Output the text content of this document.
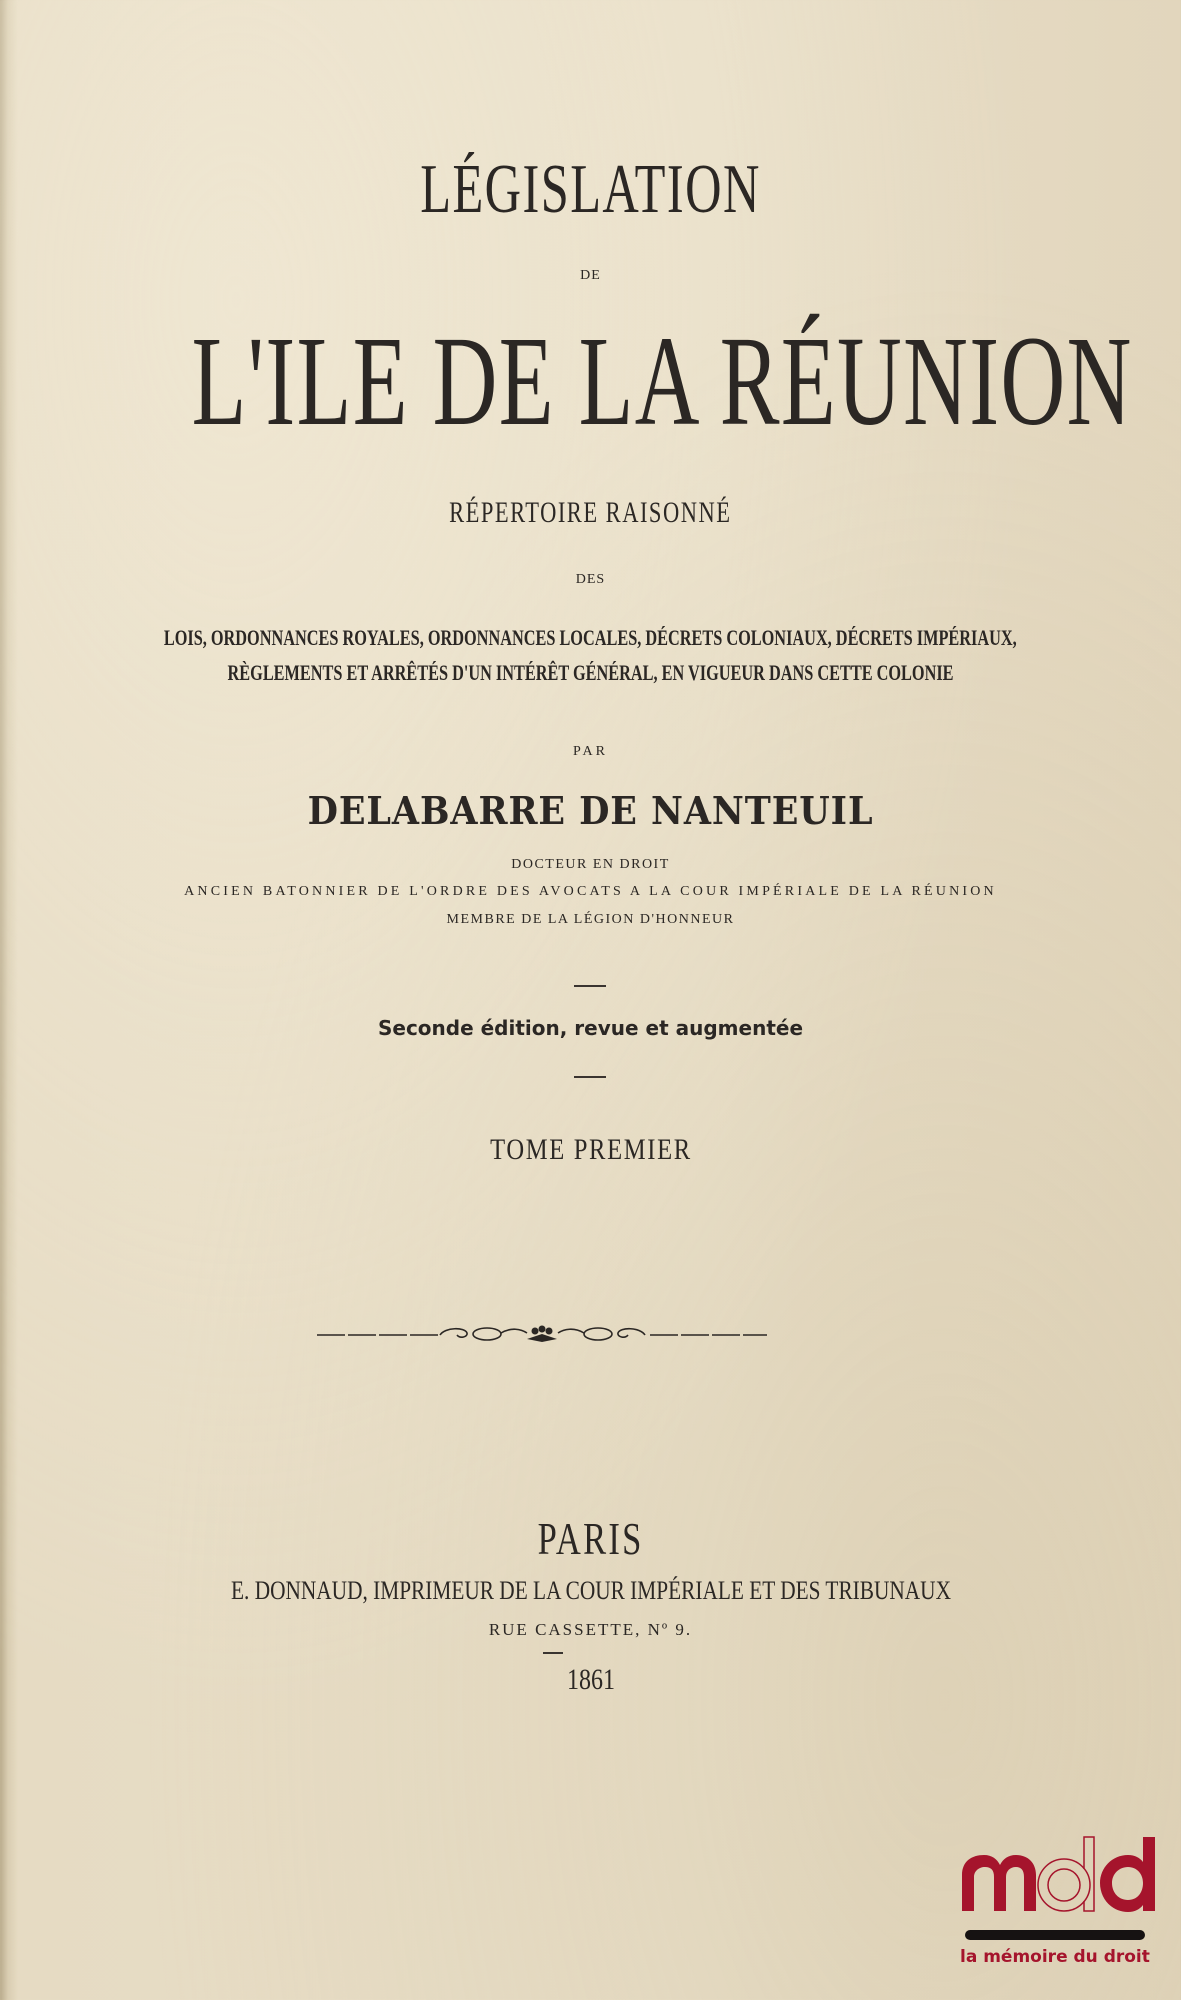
LÉGISLATION
DE
L'ILE DE LA RÉUNION
RÉPERTOIRE RAISONNÉ
DES
LOIS, ORDONNANCES ROYALES, ORDONNANCES LOCALES, DÉCRETS COLONIAUX, DÉCRETS IMPÉRIAUX,
RÈGLEMENTS ET ARRÊTÉS D'UN INTÉRÊT GÉNÉRAL, EN VIGUEUR DANS CETTE COLONIE
PAR
DELABARRE DE NANTEUIL
DOCTEUR EN DROIT
ANCIEN BATONNIER DE L'ORDRE DES AVOCATS A LA COUR IMPÉRIALE DE LA RÉUNION
MEMBRE DE LA LÉGION D'HONNEUR
Seconde édition, revue et augmentée
TOME PREMIER
PARIS
E. DONNAUD, IMPRIMEUR DE LA COUR IMPÉRIALE ET DES TRIBUNAUX
RUE CASSETTE, Nº 9.
1861
la mémoire du droit
